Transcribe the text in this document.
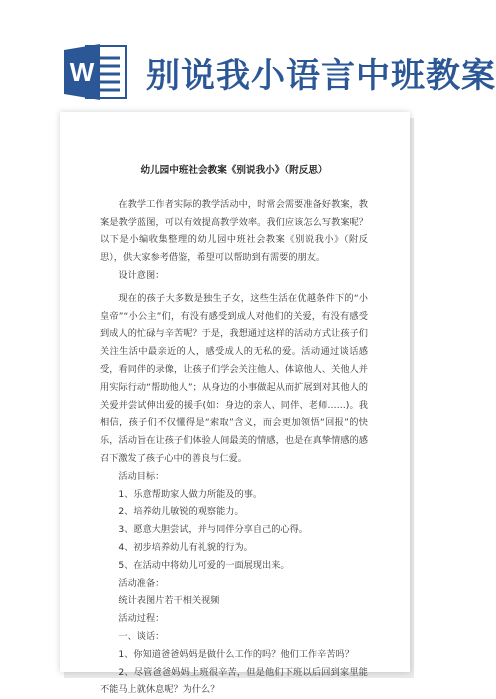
W 别说我小语言中班教案
幼儿园中班社会教案《别说我小》（附反思）
在教学工作者实际的教学活动中，时常会需要准备好教案，教案是教学蓝图，可以有效提高教学效率。我们应该怎么写教案呢？以下是小编收集整理的幼儿园中班社会教案《别说我小》（附反思），供大家参考借鉴，希望可以帮助到有需要的朋友。
设计意图：
现在的孩子大多数是独生子女，这些生活在优越条件下的“小皇帝”“小公主”们，有没有感受到成人对他们的关爱，有没有感受到成人的忙碌与辛苦呢？于是，我想通过这样的活动方式让孩子们关注生活中最亲近的人，感受成人的无私的爱。活动通过谈话感受，看同伴的录像，让孩子们学会关注他人、体谅他人、关他人并用实际行动“帮助他人”；从身边的小事做起从而扩展到对其他人的关爱并尝试伸出爱的援手(如：身边的亲人、同伴、老师……)。我相信，孩子们不仅懂得是“索取”含义，而会更加领悟“回报”的快乐，活动旨在让孩子们体验人间最美的情感，也是在真挚情感的感召下激发了孩子心中的善良与仁爱。
活动目标：
1、乐意帮助家人做力所能及的事。
2、培养幼儿敏锐的观察能力。
3、愿意大胆尝试，并与同伴分享自己的心得。
4、初步培养幼儿有礼貌的行为。
5、在活动中将幼儿可爱的一面展现出来。
活动准备：
统计表图片若干相关视频
活动过程：
一、谈话：
1、你知道爸爸妈妈是做什么工作的吗？他们工作辛苦吗？
2、尽管爸爸妈妈上班很辛苦，但是他们下班以后回到家里能不能马上就休息呢？为什么？
